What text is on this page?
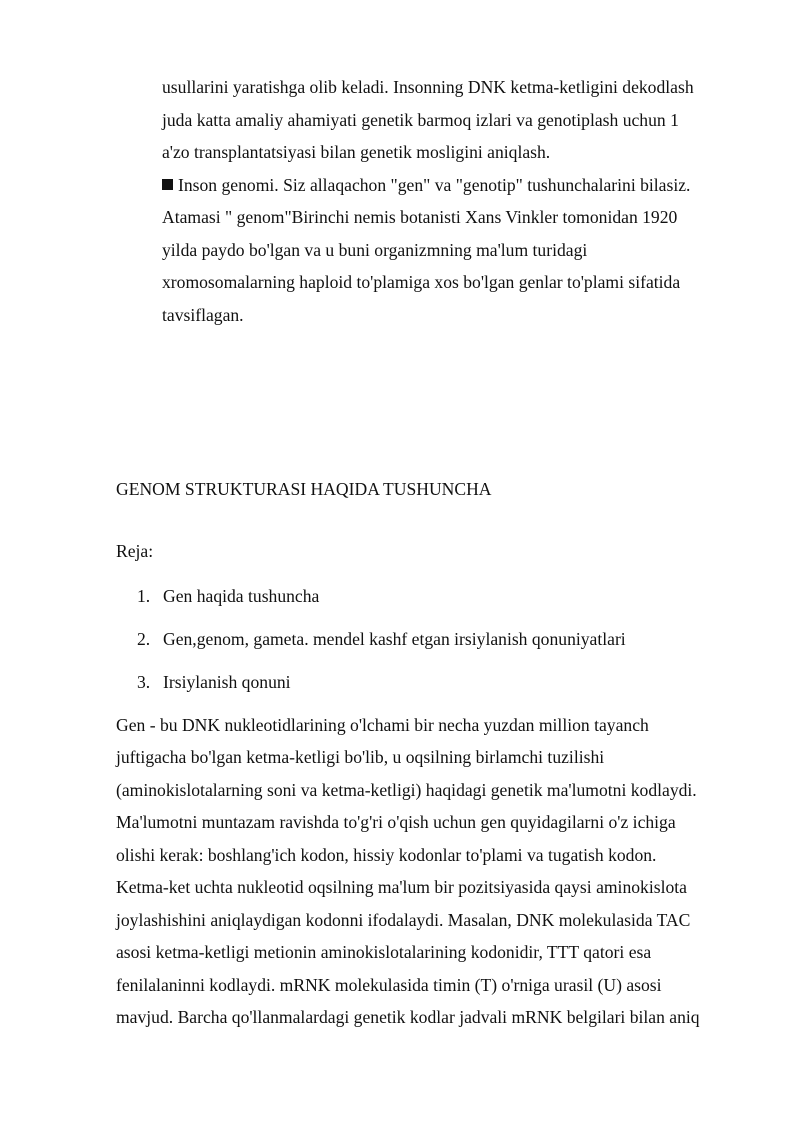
usullarini yaratishga olib keladi. Insonning DNK ketma-ketligini dekodlash

juda katta amaliy ahamiyati genetik barmoq izlari va genotiplash uchun 1

a'zo transplantatsiyasi bilan genetik mosligini aniqlash.

Inson genomi. Siz allaqachon "gen" va "genotip" tushunchalarini bilasiz.

Atamasi " genom"Birinchi nemis botanisti Xans Vinkler tomonidan 1920

yilda paydo bo'lgan va u buni organizmning ma'lum turidagi

xromosomalarning haploid to'plamiga xos bo'lgan genlar to'plami sifatida

tavsiflagan.

GENOM STRUKTURASI HAQIDA TUSHUNCHA
Reja:
1. Gen haqida tushuncha
2. Gen,genom, gameta. mendel kashf etgan irsiylanish qonuniyatlari
3. Irsiylanish qonuni

Gen - bu DNK nukleotidlarining o'lchami bir necha yuzdan million tayanch

juftigacha bo'lgan ketma-ketligi bo'lib, u oqsilning birlamchi tuzilishi

(aminokislotalarning soni va ketma-ketligi) haqidagi genetik ma'lumotni kodlaydi.

Ma'lumotni muntazam ravishda to'g'ri o'qish uchun gen quyidagilarni o'z ichiga

olishi kerak: boshlang'ich kodon, hissiy kodonlar to'plami va tugatish kodon.

Ketma-ket uchta nukleotid oqsilning ma'lum bir pozitsiyasida qaysi aminokislota

joylashishini aniqlaydigan kodonni ifodalaydi. Masalan, DNK molekulasida TAC

asosi ketma-ketligi metionin aminokislotalarining kodonidir, TTT qatori esa

fenilalaninni kodlaydi. mRNK molekulasida timin (T) o'rniga urasil (U) asosi

mavjud. Barcha qo'llanmalardagi genetik kodlar jadvali mRNK belgilari bilan aniq
